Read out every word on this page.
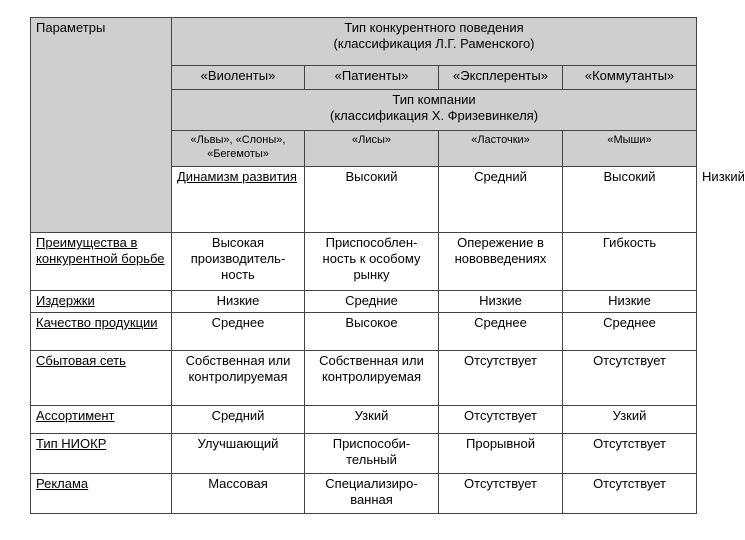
Параметры	Тип конкурентного поведения
(классификация Л.Г. Раменского)				

	«Виоленты»	«Патиенты»	«Эксплеренты»	«Коммутанты»	

	Тип компании
(классификация Х. Фризевинкеля)				

	«Львы», «Слоны», «Бегемоты»	«Лисы»	«Ласточки»	«Мыши»	
	Динамизм развития	Высокий	Средний	Высокий	Низкий
Преимущества в конкурентной борьбе	Высокая производитель-ность	Приспособлен-ность к особому рынку	Опережение в нововведениях	Гибкость	
Издержки	Низкие	Средние	Низкие	Низкие	
Качество продукции	Среднее	Высокое	Среднее	Среднее	
Сбытовая сеть	Собственная или контролируемая	Собственная или контролируемая	Отсутствует	Отсутствует	
Ассортимент	Средний	Узкий	Отсутствует	Узкий	
Тип НИОКР	Улучшающий	Приспособи-тельный	Прорывной	Отсутствует	
Реклама	Массовая	Специализиро-ванная	Отсутствует	Отсутствует	
